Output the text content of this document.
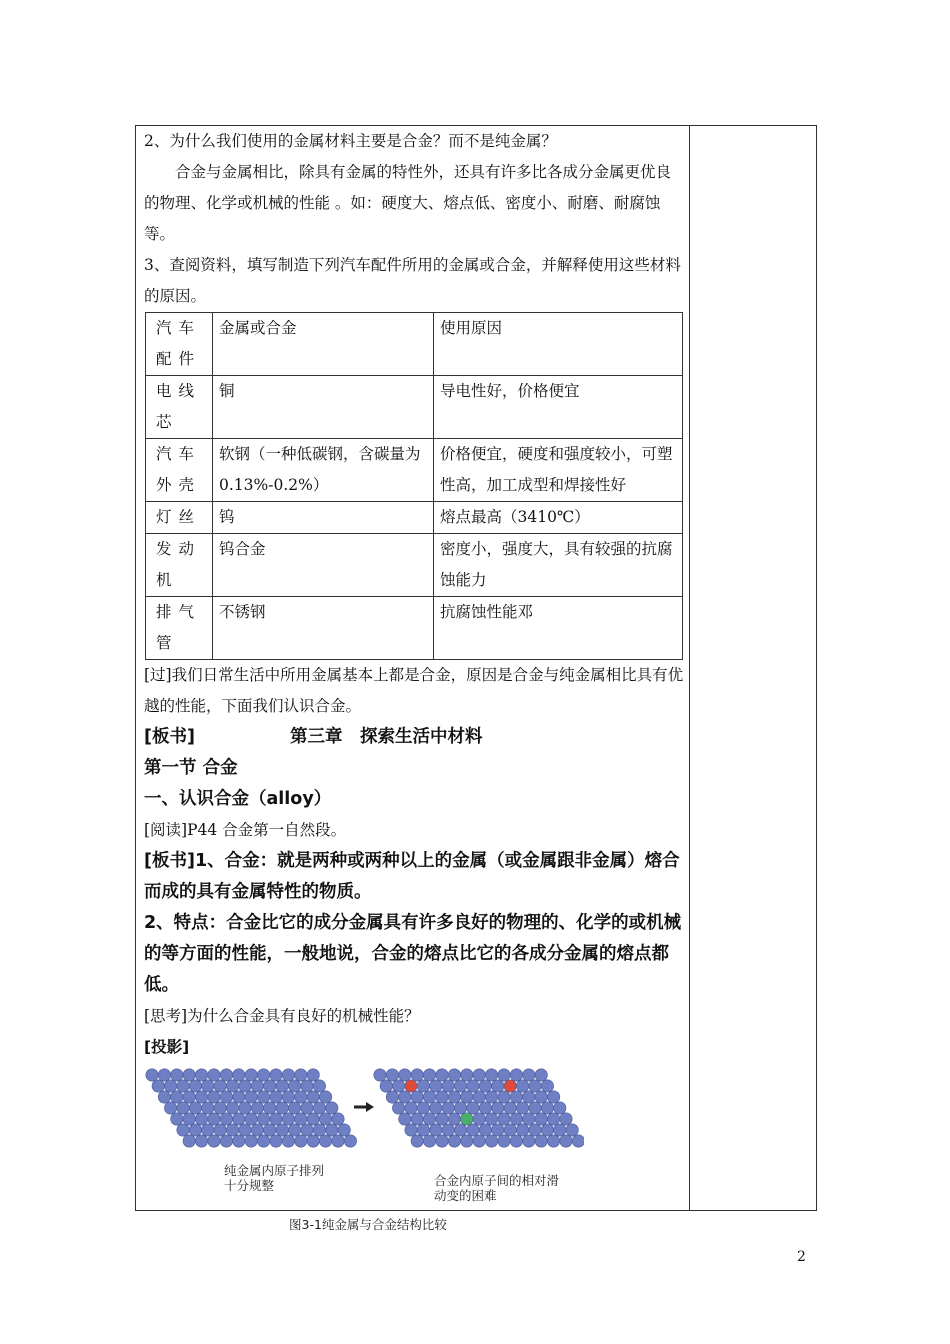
2、为什么我们使用的金属材料主要是合金？而不是纯金属？

合金与金属相比，除具有金属的特性外，还具有许多比各成分金属更优良的物理、化学或机械的性能 。如：硬度大、熔点低、密度小、耐磨、耐腐蚀等。

3、查阅资料，填写制造下列汽车配件所用的金属或合金，并解释使用这些材料的原因。

汽车配件	金属或合金	使用原因
电线芯	铜	导电性好，价格便宜
汽车外壳	软钢（一种低碳钢，含碳量为0.13%-0.2%）	价格便宜，硬度和强度较小，可塑性高，加工成型和焊接性好
灯丝	钨	熔点最高（3410℃）
发动机	钨合金	密度小，强度大，具有较强的抗腐蚀能力
排气管	不锈钢	抗腐蚀性能邓

[过]我们日常生活中所用金属基本上都是合金，原因是合金与纯金属相比具有优越的性能，下面我们认识合金。

[板书]	第三章　探索生活中材料

第一节 合金

一、认识合金（alloy）

[阅读]P44 合金第一自然段。

[板书]1、合金：就是两种或两种以上的金属（或金属跟非金属）熔合而成的具有金属特性的物质。

2、特点：合金比它的成分金属具有许多良好的物理的、化学的或机械的等方面的性能，一般地说，合金的熔点比它的各成分金属的熔点都低。

[思考]为什么合金具有良好的机械性能？

[投影]

纯金属内原子排列十分规整	合金内原子间的相对滑动变的困难
图3-1纯金属与合金结构比较
2
